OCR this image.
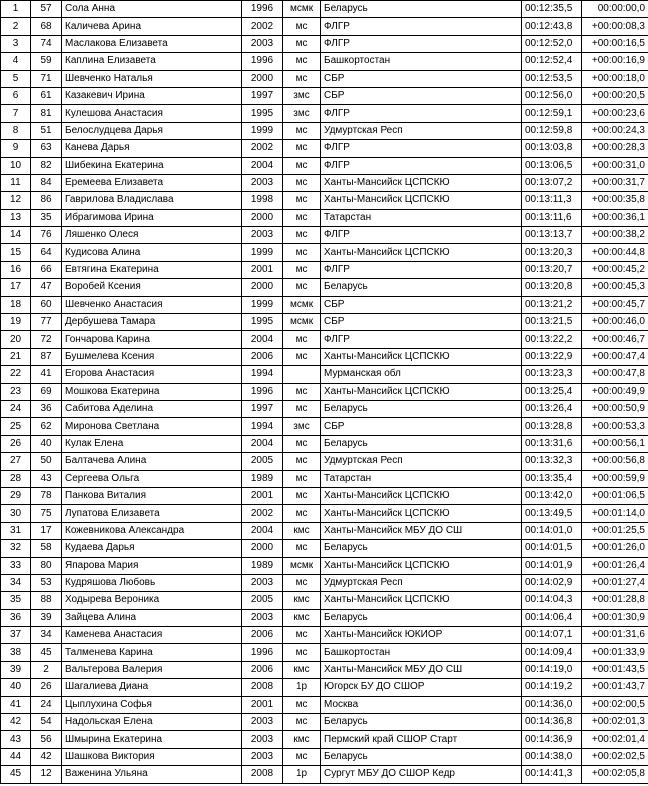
1	57	Сола Анна	1996	мсмк	Беларусь	00:12:35,5	00:00:00,0
2	68	Каличева Арина	2002	мс	ФЛГР	00:12:43,8	+00:00:08,3
3	74	Маслакова Елизавета	2003	мс	ФЛГР	00:12:52,0	+00:00:16,5
4	59	Каплина Елизавета	1996	мс	Башкортостан	00:12:52,4	+00:00:16,9
5	71	Шевченко Наталья	2000	мс	СБР	00:12:53,5	+00:00:18,0
6	61	Казакевич Ирина	1997	змс	СБР	00:12:56,0	+00:00:20,5
7	81	Кулешова Анастасия	1995	змс	ФЛГР	00:12:59,1	+00:00:23,6
8	51	Белослудцева Дарья	1999	мс	Удмуртская Респ	00:12:59,8	+00:00:24,3
9	63	Канева Дарья	2002	мс	ФЛГР	00:13:03,8	+00:00:28,3
10	82	Шибекина Екатерина	2004	мс	ФЛГР	00:13:06,5	+00:00:31,0
11	84	Еремеева Елизавета	2003	мс	Ханты-Мансийск ЦСПСКЮ	00:13:07,2	+00:00:31,7
12	86	Гаврилова Владислава	1998	мс	Ханты-Мансийск ЦСПСКЮ	00:13:11,3	+00:00:35,8
13	35	Ибрагимова Ирина	2000	мс	Татарстан	00:13:11,6	+00:00:36,1
14	76	Ляшенко Олеся	2003	мс	ФЛГР	00:13:13,7	+00:00:38,2
15	64	Кудисова Алина	1999	мс	Ханты-Мансийск ЦСПСКЮ	00:13:20,3	+00:00:44,8
16	66	Евтягина Екатерина	2001	мс	ФЛГР	00:13:20,7	+00:00:45,2
17	47	Воробей Ксения	2000	мс	Беларусь	00:13:20,8	+00:00:45,3
18	60	Шевченко Анастасия	1999	мсмк	СБР	00:13:21,2	+00:00:45,7
19	77	Дербушева Тамара	1995	мсмк	СБР	00:13:21,5	+00:00:46,0
20	72	Гончарова Карина	2004	мс	ФЛГР	00:13:22,2	+00:00:46,7
21	87	Бушмелева Ксения	2006	мс	Ханты-Мансийск ЦСПСКЮ	00:13:22,9	+00:00:47,4
22	41	Егорова Анастасия	1994		Мурманская обл	00:13:23,3	+00:00:47,8
23	69	Мошкова Екатерина	1996	мс	Ханты-Мансийск ЦСПСКЮ	00:13:25,4	+00:00:49,9
24	36	Сабитова Аделина	1997	мс	Беларусь	00:13:26,4	+00:00:50,9
25	62	Миронова Светлана	1994	змс	СБР	00:13:28,8	+00:00:53,3
26	40	Кулак Елена	2004	мс	Беларусь	00:13:31,6	+00:00:56,1
27	50	Балтачева Алина	2005	мс	Удмуртская Респ	00:13:32,3	+00:00:56,8
28	43	Сергеева Ольга	1989	мс	Татарстан	00:13:35,4	+00:00:59,9
29	78	Панкова Виталия	2001	мс	Ханты-Мансийск ЦСПСКЮ	00:13:42,0	+00:01:06,5
30	75	Лупатова Елизавета	2002	мс	Ханты-Мансийск ЦСПСКЮ	00:13:49,5	+00:01:14,0
31	17	Кожевникова Александра	2004	кмс	Ханты-Мансийск МБУ ДО СШ	00:14:01,0	+00:01:25,5
32	58	Кудаева Дарья	2000	мс	Беларусь	00:14:01,5	+00:01:26,0
33	80	Япарова Мария	1989	мсмк	Ханты-Мансийск ЦСПСКЮ	00:14:01,9	+00:01:26,4
34	53	Кудряшова Любовь	2003	мс	Удмуртская Респ	00:14:02,9	+00:01:27,4
35	88	Ходырева Вероника	2005	кмс	Ханты-Мансийск ЦСПСКЮ	00:14:04,3	+00:01:28,8
36	39	Зайцева Алина	2003	кмс	Беларусь	00:14:06,4	+00:01:30,9
37	34	Каменева Анастасия	2006	мс	Ханты-Мансийск ЮКИОР	00:14:07,1	+00:01:31,6
38	45	Талменева Карина	1996	мс	Башкортостан	00:14:09,4	+00:01:33,9
39	2	Вальтерова Валерия	2006	кмс	Ханты-Мансийск МБУ ДО СШ	00:14:19,0	+00:01:43,5
40	26	Шагалиева Диана	2008	1р	Югорск БУ ДО СШОР	00:14:19,2	+00:01:43,7
41	24	Цыплухина Софья	2001	мс	Москва	00:14:36,0	+00:02:00,5
42	54	Надольская Елена	2003	мс	Беларусь	00:14:36,8	+00:02:01,3
43	56	Шмырина Екатерина	2003	кмс	Пермский край СШОР Старт	00:14:36,9	+00:02:01,4
44	42	Шашкова Виктория	2003	мс	Беларусь	00:14:38,0	+00:02:02,5
45	12	Важенина Ульяна	2008	1р	Сургут МБУ ДО СШОР Кедр	00:14:41,3	+00:02:05,8
